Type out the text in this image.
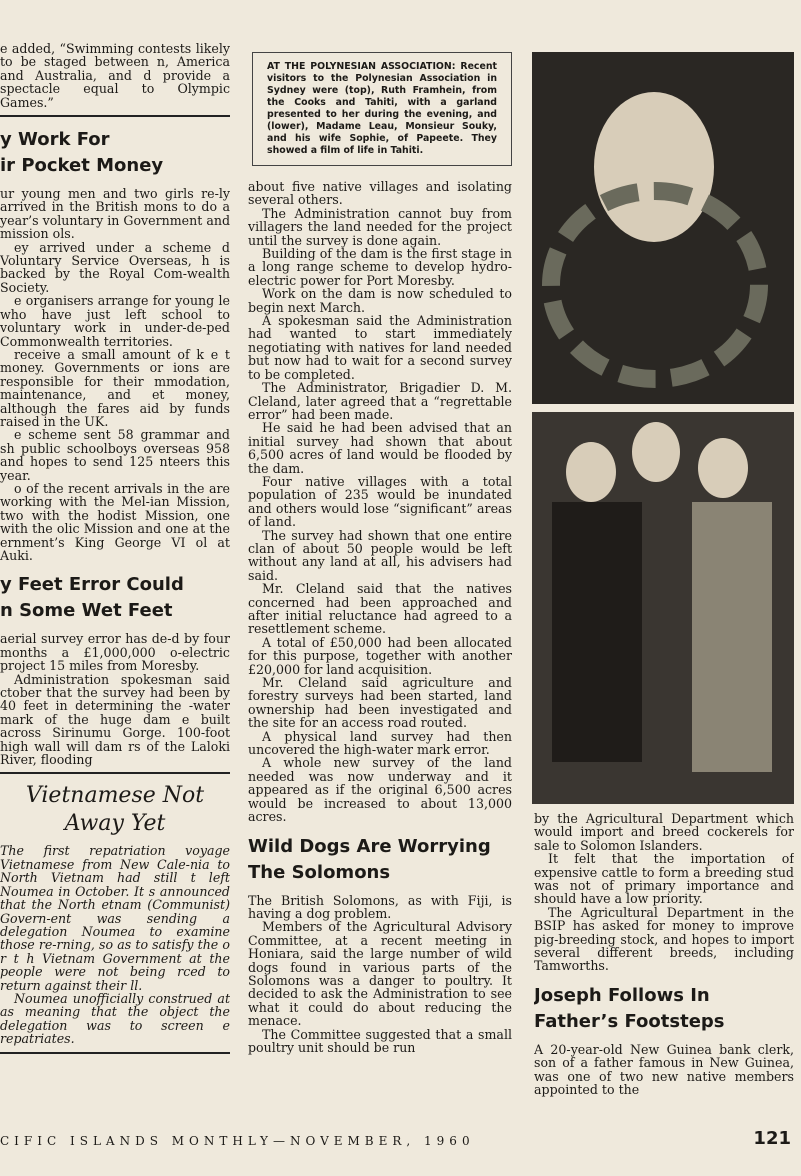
e added, “Swimming contests likely to be staged between n, America and Australia, and d provide a spectacle equal to Olympic Games.”

y Work For
ir Pocket Money

ur young men and two girls re-ly arrived in the British mons to do a year’s voluntary in Government and mission ols.

ey arrived under a scheme d Voluntary Service Overseas, h is backed by the Royal Com-wealth Society.

e organisers arrange for young le who have just left school to voluntary work in under-de-ped Commonwealth territories.

receive a small amount of k e t money. Governments or ions are responsible for their mmodation, maintenance, and et money, although the fares aid by funds raised in the UK.

e scheme sent 58 grammar and sh public schoolboys overseas 958 and hopes to send 125 nteers this year.

o of the recent arrivals in the are working with the Mel-ian Mission, two with the hodist Mission, one with the olic Mission and one at the ernment’s King George VI ol at Auki.

y Feet Error Could
n Some Wet Feet

aerial survey error has de-d by four months a £1,000,000 o-electric project 15 miles from Moresby.

Administration spokesman said ctober that the survey had been by 40 feet in determining the -water mark of the huge dam e built across Sirinumu Gorge. 100-foot high wall will dam rs of the Laloki River, flooding

Vietnamese Not
Away Yet

The first repatriation voyage Vietnamese from New Cale-nia to North Vietnam had still t left Noumea in October. It s announced that the North etnam (Communist) Govern-ent was sending a delegation Noumea to examine those re-rning, so as to satisfy the o r t h Vietnam Government at the people were not being rced to return against their ll.

Noumea unofficially construed at as meaning that the object the delegation was to screen e repatriates.

AT THE POLYNESIAN ASSOCIATION: Recent visitors to the Polynesian Association in Sydney were (top), Ruth Framhein, from the Cooks and Tahiti, with a garland presented to her during the evening, and (lower), Madame Leau, Monsieur Souky, and his wife Sophie, of Papeete. They showed a film of life in Tahiti.

about five native villages and isolating several others.

The Administration cannot buy from villagers the land needed for the project until the survey is done again.

Building of the dam is the first stage in a long range scheme to develop hydro-electric power for Port Moresby.

Work on the dam is now scheduled to begin next March.

A spokesman said the Administration had wanted to start immediately negotiating with natives for land needed but now had to wait for a second survey to be completed.

The Administrator, Brigadier D. M. Cleland, later agreed that a “regrettable error” had been made.

He said he had been advised that an initial survey had shown that about 6,500 acres of land would be flooded by the dam.

Four native villages with a total population of 235 would be inundated and others would lose “significant” areas of land.

The survey had shown that one entire clan of about 50 people would be left without any land at all, his advisers had said.

Mr. Cleland said that the natives concerned had been approached and after initial reluctance had agreed to a resettlement scheme.

A total of £50,000 had been allocated for this purpose, together with another £20,000 for land acquisition.

Mr. Cleland said agriculture and forestry surveys had been started, land ownership had been investigated and the site for an access road routed.

A physical land survey had then uncovered the high-water mark error.

A whole new survey of the land needed was now underway and it appeared as if the original 6,500 acres would be increased to about 13,000 acres.

Wild Dogs Are Worrying
The Solomons

The British Solomons, as with Fiji, is having a dog problem.

Members of the Agricultural Advisory Committee, at a recent meeting in Honiara, said the large number of wild dogs found in various parts of the Solomons was a danger to poultry. It decided to ask the Administration to see what it could do about reducing the menace.

The Committee suggested that a small poultry unit should be run

by the Agricultural Department which would import and breed cockerels for sale to Solomon Islanders.

It felt that the importation of expensive cattle to form a breeding stud was not of primary importance and should have a low priority.

The Agricultural Department in the BSIP has asked for money to improve pig-breeding stock, and hopes to import several different breeds, including Tamworths.

Joseph Follows In
Father’s Footsteps

A 20-year-old New Guinea bank clerk, son of a father famous in New Guinea, was one of two new native members appointed to the

CIFIC ISLANDS MONTHLY—NOVEMBER, 1960	121
